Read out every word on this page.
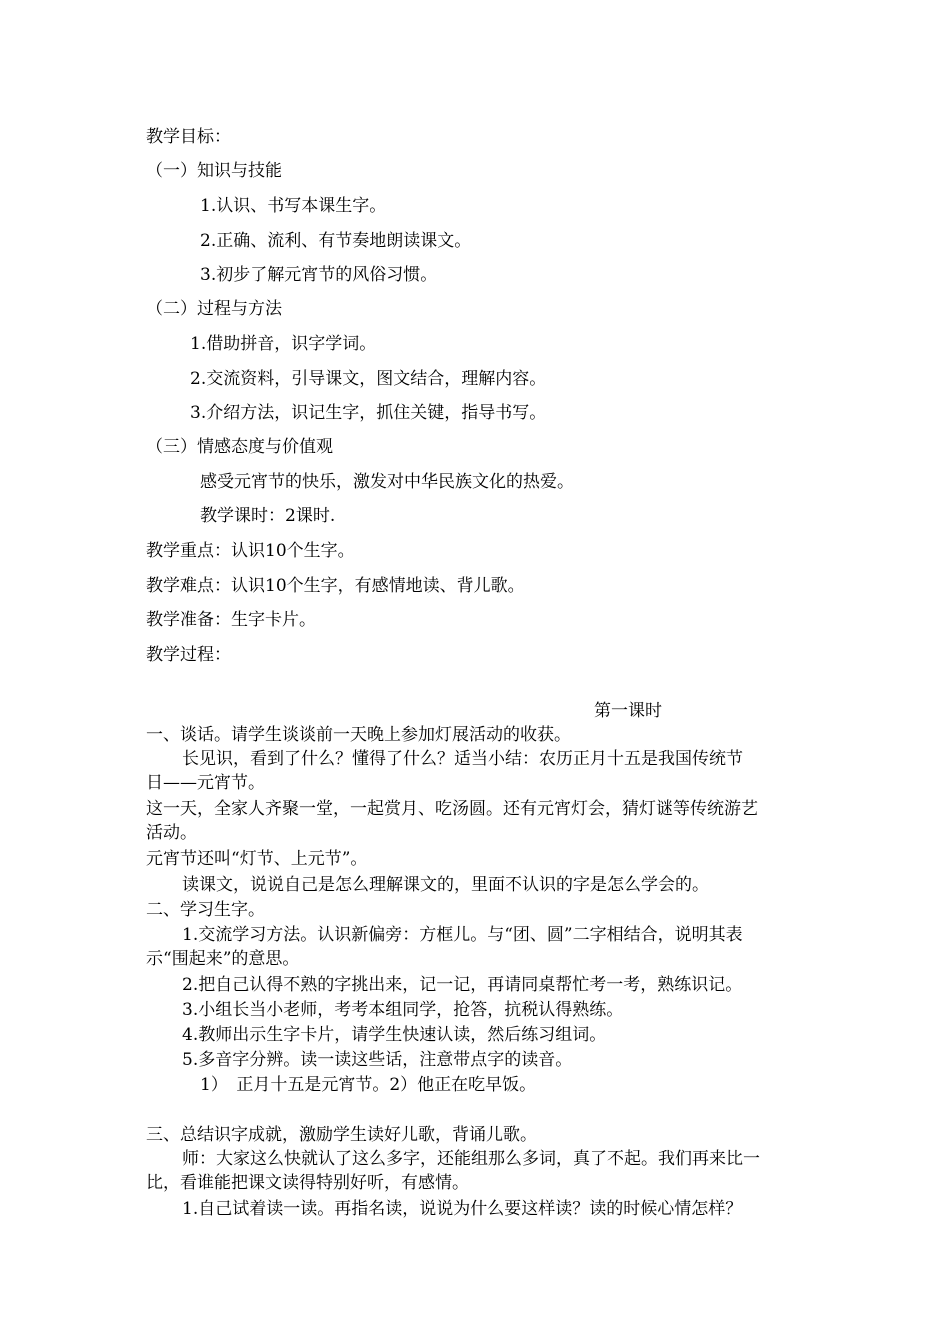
教学目标：
（一）知识与技能
1.认识、书写本课生字。
2.正确、流利、有节奏地朗读课文。
3.初步了解元宵节的风俗习惯。
（二）过程与方法
1.借助拼音，识字学词。
2.交流资料，引导课文，图文结合，理解内容。
3.介绍方法，识记生字，抓住关键，指导书写。
（三）情感态度与价值观
感受元宵节的快乐，激发对中华民族文化的热爱。
教学课时：2课时.
教学重点：认识10个生字。
教学难点：认识10个生字，有感情地读、背儿歌。
教学准备：生字卡片。
教学过程：
第一课时
一、谈话。请学生谈谈前一天晚上参加灯展活动的收获。
长见识，看到了什么？懂得了什么？适当小结：农历正月十五是我国传统节
日——元宵节。
这一天，全家人齐聚一堂，一起赏月、吃汤圆。还有元宵灯会，猜灯谜等传统游艺
活动。
元宵节还叫“灯节、上元节”。
读课文，说说自己是怎么理解课文的，里面不认识的字是怎么学会的。
二、学习生字。
1.交流学习方法。认识新偏旁：方框儿。与“团、圆”二字相结合，说明其表
示“围起来”的意思。
2.把自己认得不熟的字挑出来，记一记，再请同桌帮忙考一考，熟练识记。
3.小组长当小老师，考考本组同学，抢答，抗税认得熟练。
4.教师出示生字卡片，请学生快速认读，然后练习组词。
5.多音字分辨。读一读这些话，注意带点字的读音。
1）　正月十五是元宵节。2）他正在吃早饭。
三、总结识字成就，激励学生读好儿歌，背诵儿歌。
师：大家这么快就认了这么多字，还能组那么多词，真了不起。我们再来比一
比，看谁能把课文读得特别好听，有感情。
1.自己试着读一读。再指名读，说说为什么要这样读？读的时候心情怎样？
